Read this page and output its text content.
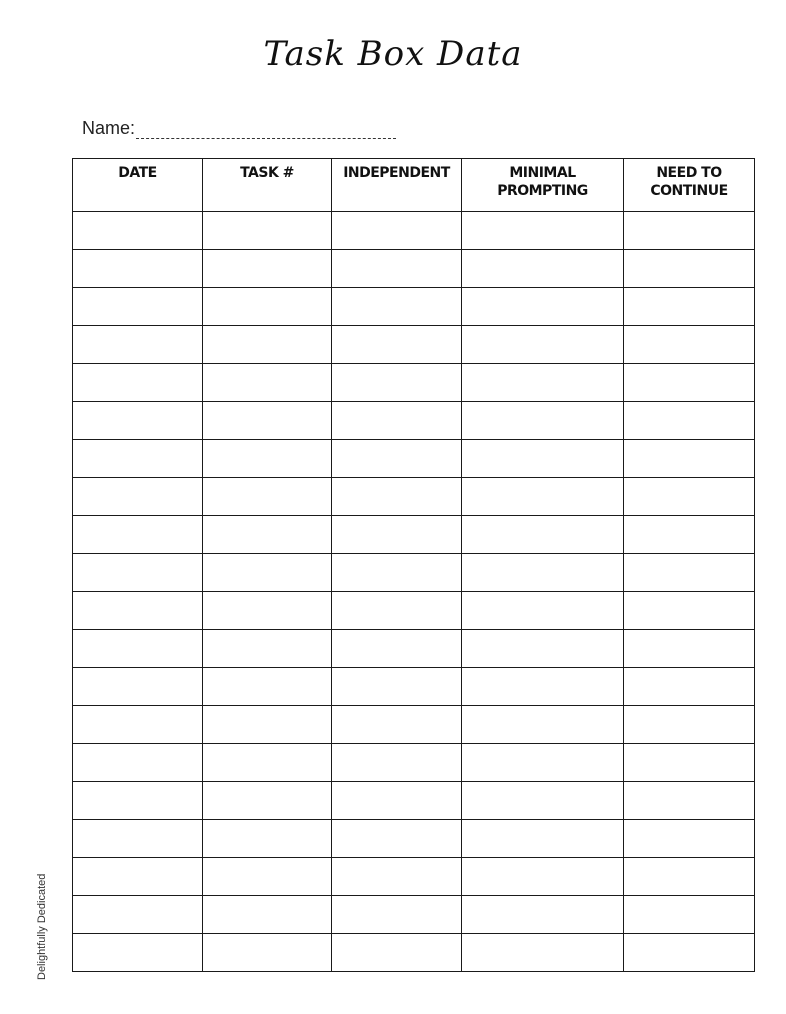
Task Box Data
Name:
DATE	TASK #	INDEPENDENT	MINIMAL PROMPTING	NEED TO CONTINUE

Delightfully Dedicated
